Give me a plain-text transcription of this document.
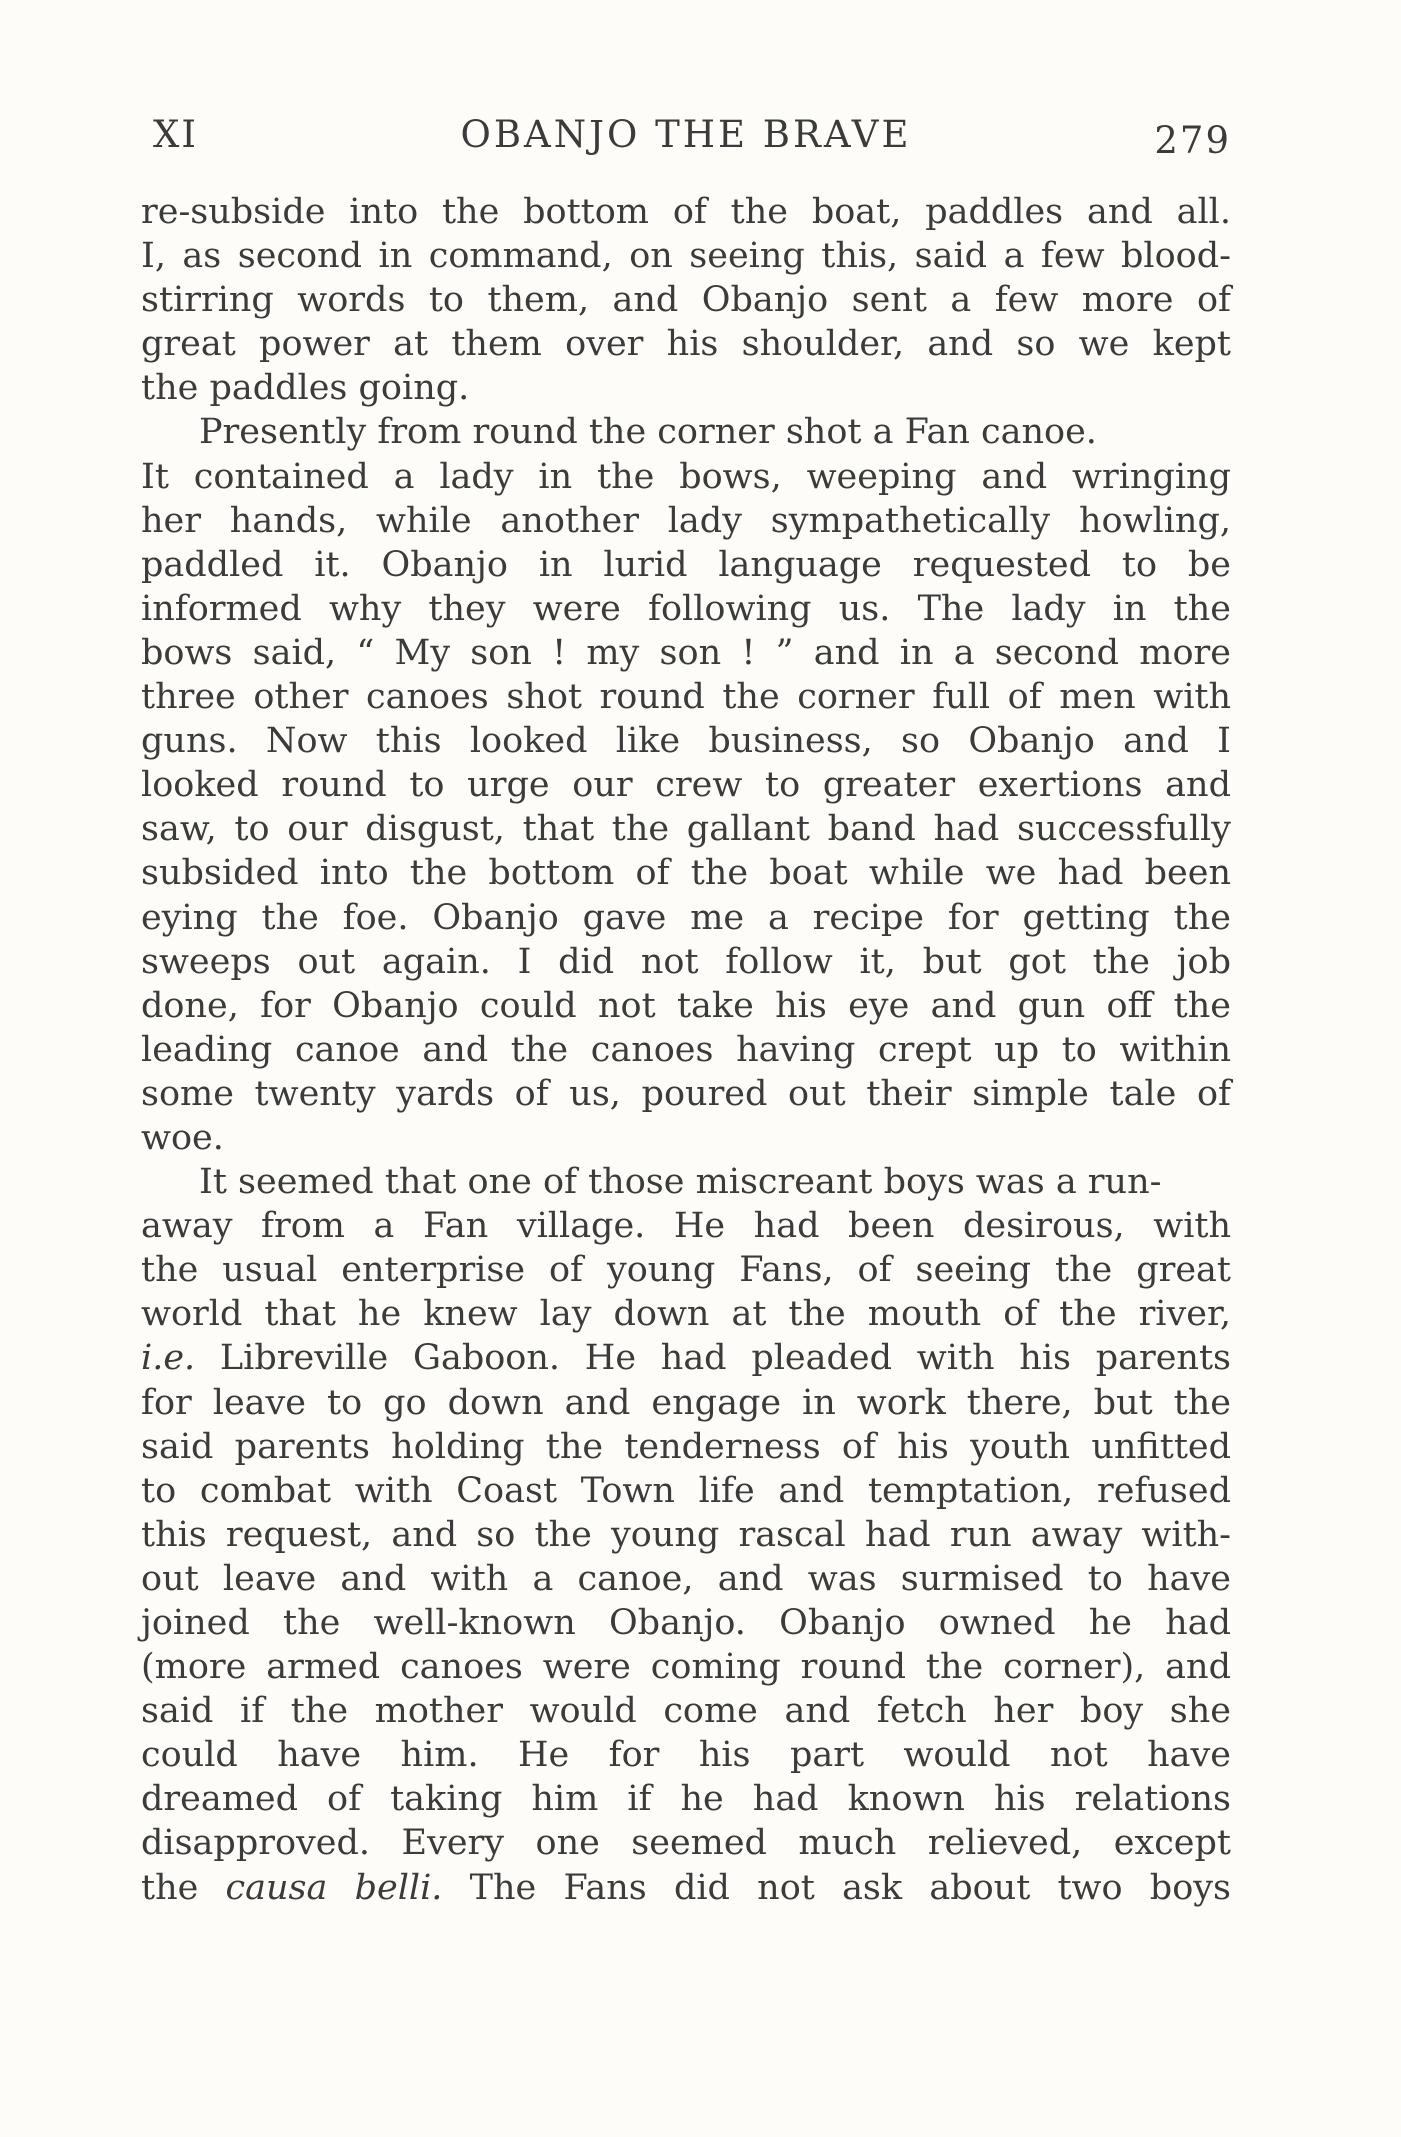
XI	OBANJO THE BRAVE	279
re-subside into the bottom of the boat, paddles and all.
I, as second in command, on seeing this, said a few blood-
stirring words to them, and Obanjo sent a few more of
great power at them over his shoulder, and so we kept
the paddles going.
Presently from round the corner shot a Fan canoe.
It contained a lady in the bows, weeping and wringing
her hands, while another lady sympathetically howling,
paddled it. Obanjo in lurid language requested to be
informed why they were following us. The lady in the
bows said, “ My son ! my son ! ” and in a second more
three other canoes shot round the corner full of men with
guns. Now this looked like business, so Obanjo and I
looked round to urge our crew to greater exertions and
saw, to our disgust, that the gallant band had successfully
subsided into the bottom of the boat while we had been
eying the foe. Obanjo gave me a recipe for getting the
sweeps out again. I did not follow it, but got the job
done, for Obanjo could not take his eye and gun off the
leading canoe and the canoes having crept up to within
some twenty yards of us, poured out their simple tale of
woe.
It seemed that one of those miscreant boys was a run-
away from a Fan village. He had been desirous, with
the usual enterprise of young Fans, of seeing the great
world that he knew lay down at the mouth of the river,
i.e. Libreville Gaboon. He had pleaded with his parents
for leave to go down and engage in work there, but the
said parents holding the tenderness of his youth unfitted
to combat with Coast Town life and temptation, refused
this request, and so the young rascal had run away with-
out leave and with a canoe, and was surmised to have
joined the well-known Obanjo. Obanjo owned he had
(more armed canoes were coming round the corner), and
said if the mother would come and fetch her boy she
could have him. He for his part would not have
dreamed of taking him if he had known his relations
disapproved. Every one seemed much relieved, except
the causa belli. The Fans did not ask about two boys
